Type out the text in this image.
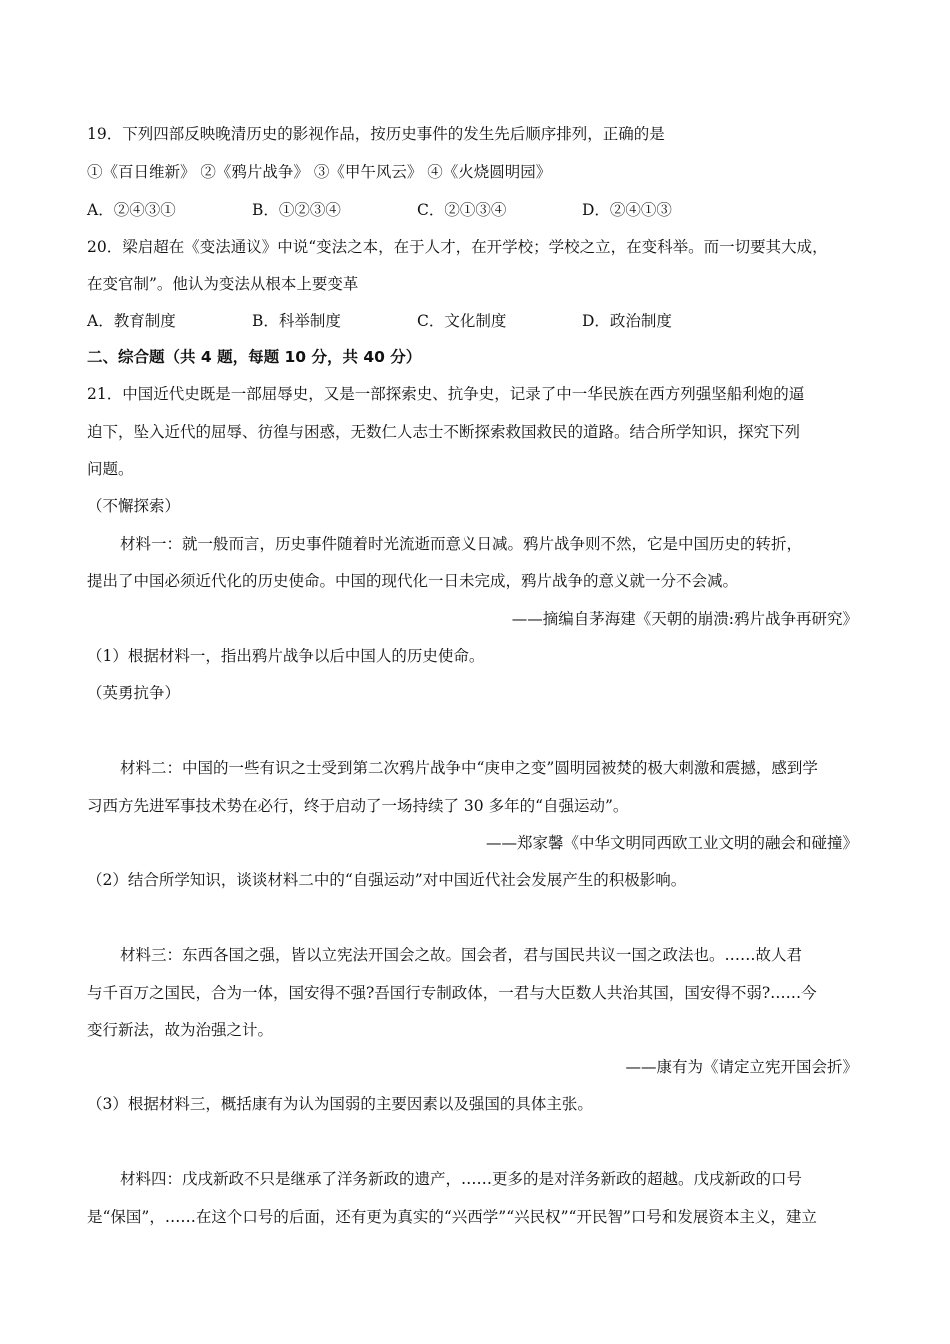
19．下列四部反映晚清历史的影视作品，按历史事件的发生先后顺序排列，正确的是
①《百日维新》 ②《鸦片战争》 ③《甲午风云》 ④《火烧圆明园》
A．②④③①	B．①②③④	C．②①③④	D．②④①③
20．梁启超在《变法通议》中说“变法之本，在于人才，在开学校；学校之立，在变科举。而一切要其大成，
在变官制”。他认为变法从根本上要变革
A．教育制度	B．科举制度	C．文化制度	D．政治制度
二、综合题（共 4 题，每题 10 分，共 40 分）
21．中国近代史既是一部屈辱史，又是一部探索史、抗争史，记录了中一华民族在西方列强坚船利炮的逼
迫下，坠入近代的屈辱、彷徨与困惑，无数仁人志士不断探索救国救民的道路。结合所学知识，探究下列
问题。
（不懈探索）
材料一：就一般而言，历史事件随着时光流逝而意义日减。鸦片战争则不然，它是中国历史的转折，
提出了中国必须近代化的历史使命。中国的现代化一日未完成，鸦片战争的意义就一分不会减。
——摘编自茅海建《天朝的崩溃:鸦片战争再研究》
（1）根据材料一，指出鸦片战争以后中国人的历史使命。
（英勇抗争）
材料二：中国的一些有识之士受到第二次鸦片战争中“庚申之变”圆明园被焚的极大刺激和震撼，感到学
习西方先进军事技术势在必行，终于启动了一场持续了 30 多年的“自强运动”。
——郑家馨《中华文明同西欧工业文明的融会和碰撞》
（2）结合所学知识，谈谈材料二中的“自强运动”对中国近代社会发展产生的积极影响。
材料三：东西各国之强，皆以立宪法开国会之故。国会者，君与国民共议一国之政法也。……故人君
与千百万之国民，合为一体，国安得不强?吾国行专制政体，一君与大臣数人共治其国，国安得不弱?……今
变行新法，故为治强之计。
——康有为《请定立宪开国会折》
（3）根据材料三，概括康有为认为国弱的主要因素以及强国的具体主张。
材料四：戊戌新政不只是继承了洋务新政的遗产，……更多的是对洋务新政的超越。戊戌新政的口号
是“保国”，……在这个口号的后面，还有更为真实的“兴西学”“兴民权”“开民智”口号和发展资本主义，建立
